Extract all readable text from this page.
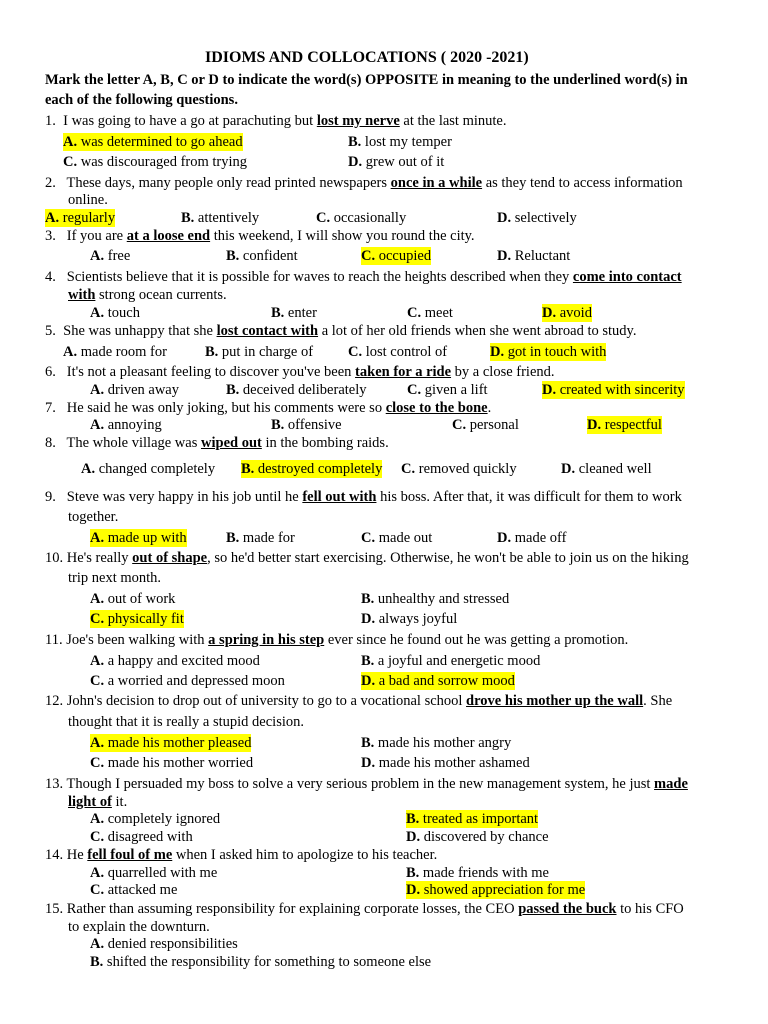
IDIOMS AND COLLOCATIONS ( 2020 -2021)
Mark the letter A, B, C or D to indicate the word(s) OPPOSITE in meaning to the underlined word(s) in
each of the following questions.
1. I was going to have a go at parachuting but lost my nerve at the last minute.
A. was determined to go ahead	B. lost my temper
C. was discouraged from trying	D. grew out of it
2. These days, many people only read printed newspapers once in a while as they tend to access information
online.
A. regularly	B. attentively	C. occasionally	D. selectively
3. If you are at a loose end this weekend, I will show you round the city.
A. free	B. confident	C. occupied	D. Reluctant
4. Scientists believe that it is possible for waves to reach the heights described when they come into contact
with strong ocean currents.
A. touch	B. enter	C. meet	D. avoid
5. She was unhappy that she lost contact with a lot of her old friends when she went abroad to study.
A. made room for	B. put in charge of C. lost control of	D. got in touch with
6. It's not a pleasant feeling to discover you've been taken for a ride by a close friend.
A. driven away	B. deceived deliberately	C. given a lift	D. created with sincerity
7. He said he was only joking, but his comments were so close to the bone.
A. annoying	B. offensive	C. personal	D. respectful
8. The whole village was wiped out in the bombing raids.
A. changed completely B. destroyed completely C. removed quickly	D. cleaned well
9. Steve was very happy in his job until he fell out with his boss. After that, it was difficult for them to work
together.
A. made up with	B. made for	C. made out	D. made off
10. He's really out of shape, so he'd better start exercising. Otherwise, he won't be able to join us on the hiking
trip next month.
A. out of work	B. unhealthy and stressed
C. physically fit	D. always joyful
11. Joe's been walking with a spring in his step ever since he found out he was getting a promotion.
A. a happy and excited mood	B. a joyful and energetic mood
C. a worried and depressed moon	D. a bad and sorrow mood
12. John's decision to drop out of university to go to a vocational school drove his mother up the wall. She
thought that it is really a stupid decision.
A. made his mother pleased	B. made his mother angry
C. made his mother worried	D. made his mother ashamed
13. Though I persuaded my boss to solve a very serious problem in the new management system, he just made
light of it.
A. completely ignored	B. treated as important
C. disagreed with	D. discovered by chance
14. He fell foul of me when I asked him to apologize to his teacher.
A. quarrelled with me	B. made friends with me
C. attacked me	D. showed appreciation for me
15. Rather than assuming responsibility for explaining corporate losses, the CEO passed the buck to his CFO
to explain the downturn.
A. denied responsibilities
B. shifted the responsibility for something to someone else
